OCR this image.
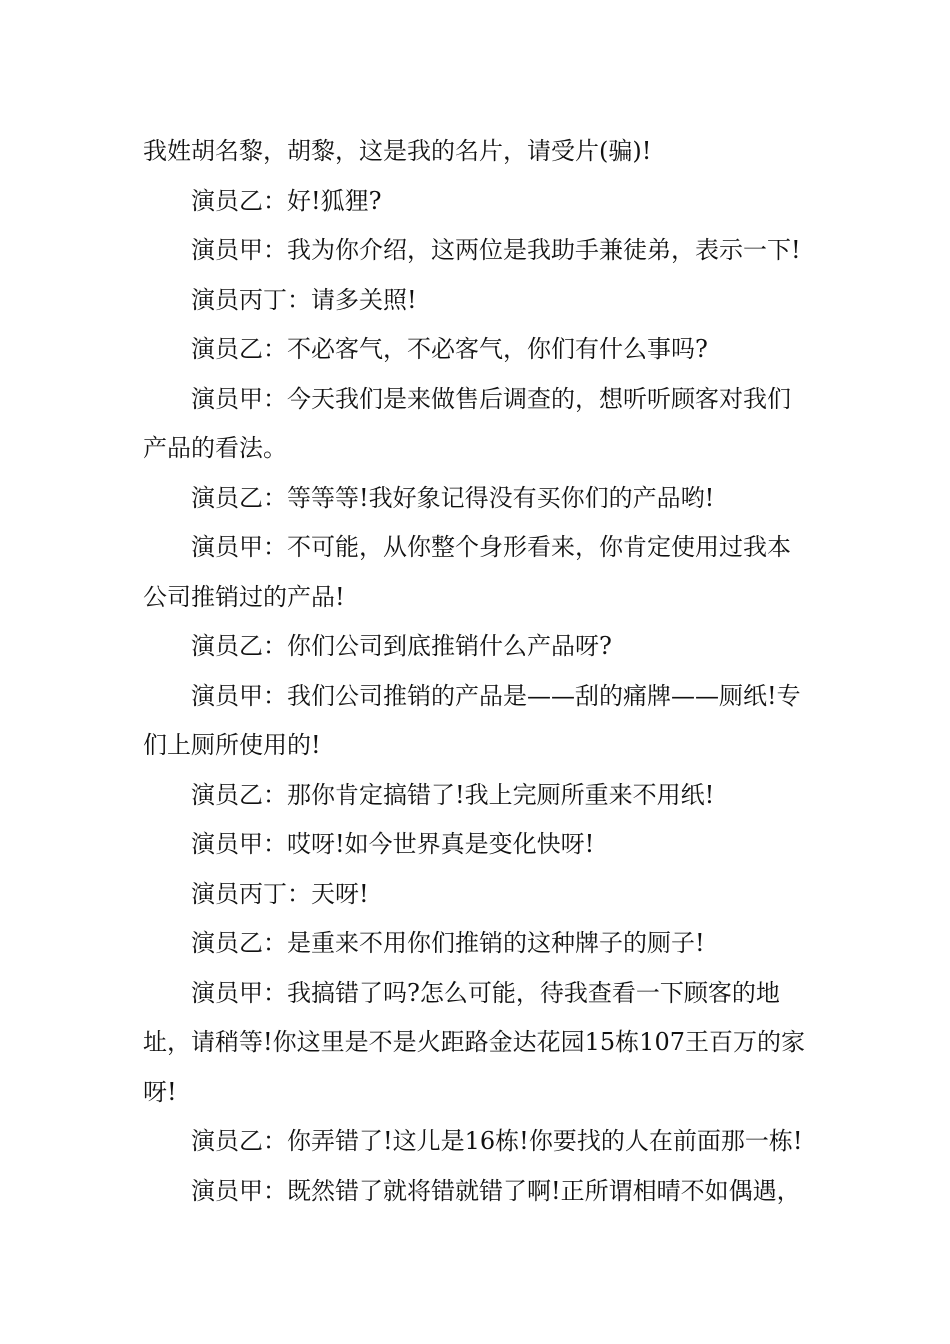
我姓胡名黎，胡黎，这是我的名片，请受片(骗)!

演员乙：好!狐狸?

演员甲：我为你介绍，这两位是我助手兼徒弟，表示一下!

演员丙丁：请多关照!

演员乙：不必客气，不必客气，你们有什么事吗?

演员甲：今天我们是来做售后调查的，想听听顾客对我们产品的看法。

演员乙：等等等!我好象记得没有买你们的产品哟!

演员甲：不可能，从你整个身形看来，你肯定使用过我本公司推销过的产品!

演员乙：你们公司到底推销什么产品呀?

演员甲：我们公司推销的产品是——刮的痛牌——厕纸!专们上厕所使用的!

演员乙：那你肯定搞错了!我上完厕所重来不用纸!

演员甲：哎呀!如今世界真是变化快呀!

演员丙丁：天呀!

演员乙：是重来不用你们推销的这种牌子的厕子!

演员甲：我搞错了吗?怎么可能，待我查看一下顾客的地址，请稍等!你这里是不是火距路金达花园15栋107王百万的家呀!

演员乙：你弄错了!这儿是16栋!你要找的人在前面那一栋!

演员甲：既然错了就将错就错了啊!正所谓相晴不如偶遇，
